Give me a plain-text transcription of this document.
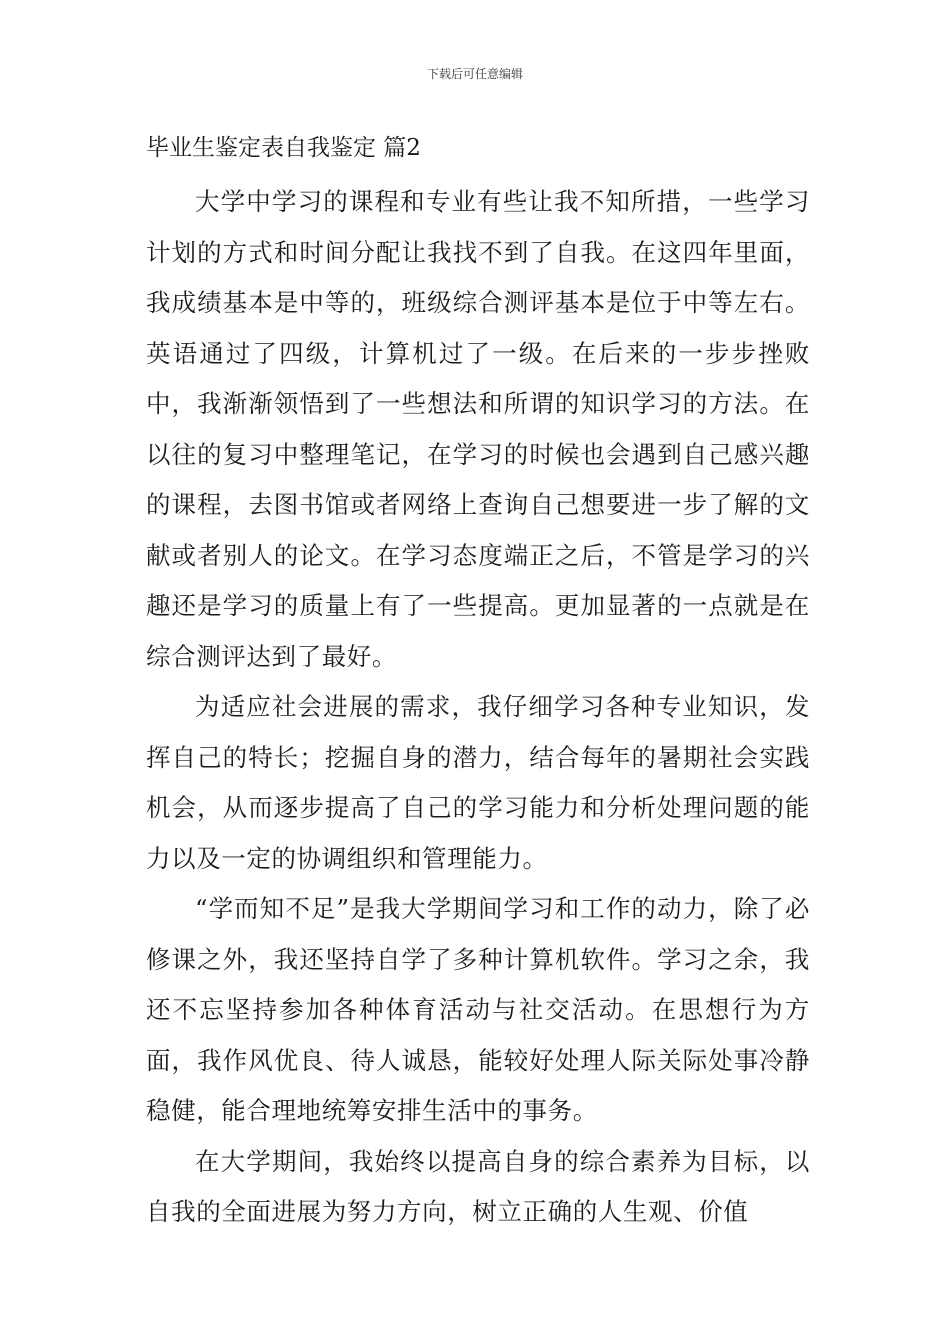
下载后可任意编辑
毕业生鉴定表自我鉴定 篇2

大学中学习的课程和专业有些让我不知所措，一些学习计划的方式和时间分配让我找不到了自我。在这四年里面，我成绩基本是中等的，班级综合测评基本是位于中等左右。英语通过了四级，计算机过了一级。在后来的一步步挫败中，我渐渐领悟到了一些想法和所谓的知识学习的方法。在以往的复习中整理笔记，在学习的时候也会遇到自己感兴趣的课程，去图书馆或者网络上查询自己想要进一步了解的文献或者别人的论文。在学习态度端正之后，不管是学习的兴趣还是学习的质量上有了一些提高。更加显著的一点就是在综合测评达到了最好。

为适应社会进展的需求，我仔细学习各种专业知识，发挥自己的特长；挖掘自身的潜力，结合每年的暑期社会实践机会，从而逐步提高了自己的学习能力和分析处理问题的能力以及一定的协调组织和管理能力。

“学而知不足”是我大学期间学习和工作的动力，除了必修课之外，我还坚持自学了多种计算机软件。学习之余，我还不忘坚持参加各种体育活动与社交活动。在思想行为方面，我作风优良、待人诚恳，能较好处理人际关际处事冷静稳健，能合理地统筹安排生活中的事务。

在大学期间，我始终以提高自身的综合素养为目标，以自我的全面进展为努力方向，树立正确的人生观、价值
